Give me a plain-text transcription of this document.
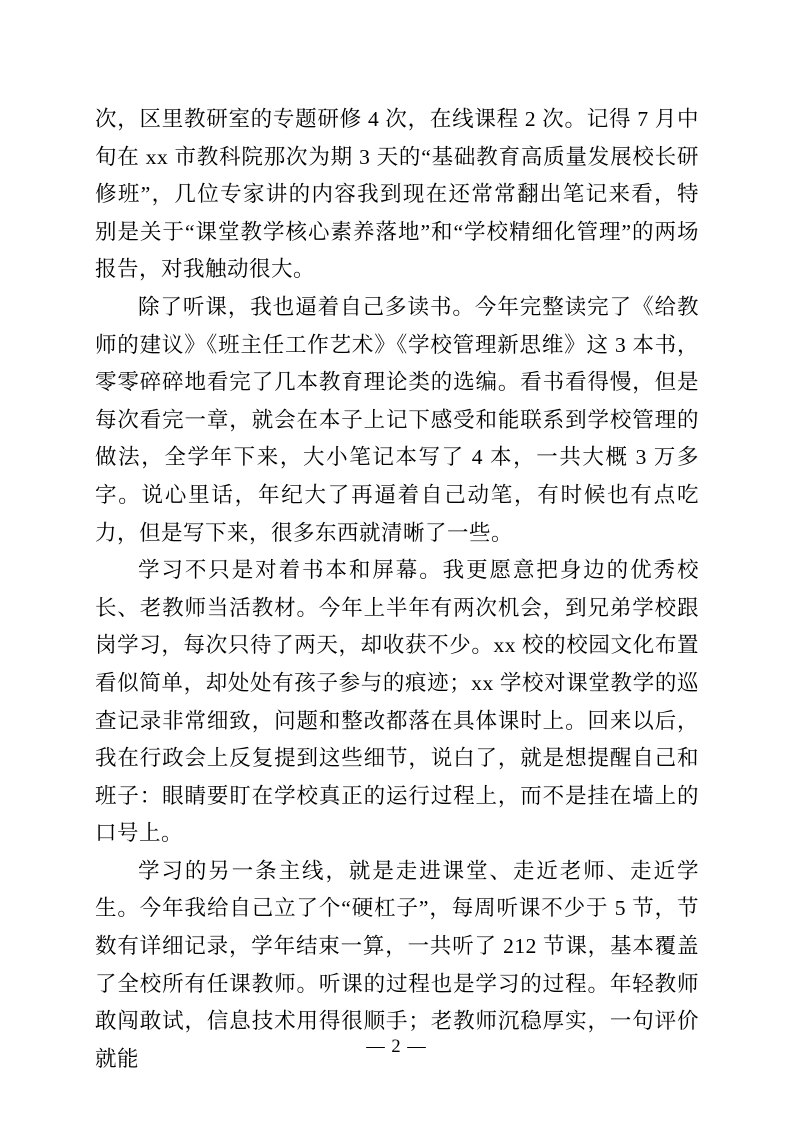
次，区里教研室的专题研修 4 次，在线课程 2 次。记得 7 月中旬在 xx 市教科院那次为期 3 天的“基础教育高质量发展校长研修班”，几位专家讲的内容我到现在还常常翻出笔记来看，特别是关于“课堂教学核心素养落地”和“学校精细化管理”的两场报告，对我触动很大。

除了听课，我也逼着自己多读书。今年完整读完了《给教师的建议》《班主任工作艺术》《学校管理新思维》这 3 本书，零零碎碎地看完了几本教育理论类的选编。看书看得慢，但是每次看完一章，就会在本子上记下感受和能联系到学校管理的做法，全学年下来，大小笔记本写了 4 本，一共大概 3 万多字。说心里话，年纪大了再逼着自己动笔，有时候也有点吃力，但是写下来，很多东西就清晰了一些。

学习不只是对着书本和屏幕。我更愿意把身边的优秀校长、老教师当活教材。今年上半年有两次机会，到兄弟学校跟岗学习，每次只待了两天，却收获不少。xx 校的校园文化布置看似简单，却处处有孩子参与的痕迹；xx 学校对课堂教学的巡查记录非常细致，问题和整改都落在具体课时上。回来以后，我在行政会上反复提到这些细节，说白了，就是想提醒自己和班子：眼睛要盯在学校真正的运行过程上，而不是挂在墙上的口号上。

学习的另一条主线，就是走进课堂、走近老师、走近学生。今年我给自己立了个“硬杠子”，每周听课不少于 5 节，节数有详细记录，学年结束一算，一共听了 212 节课，基本覆盖了全校所有任课教师。听课的过程也是学习的过程。年轻教师敢闯敢试，信息技术用得很顺手；老教师沉稳厚实，一句评价就能	— 2 —
